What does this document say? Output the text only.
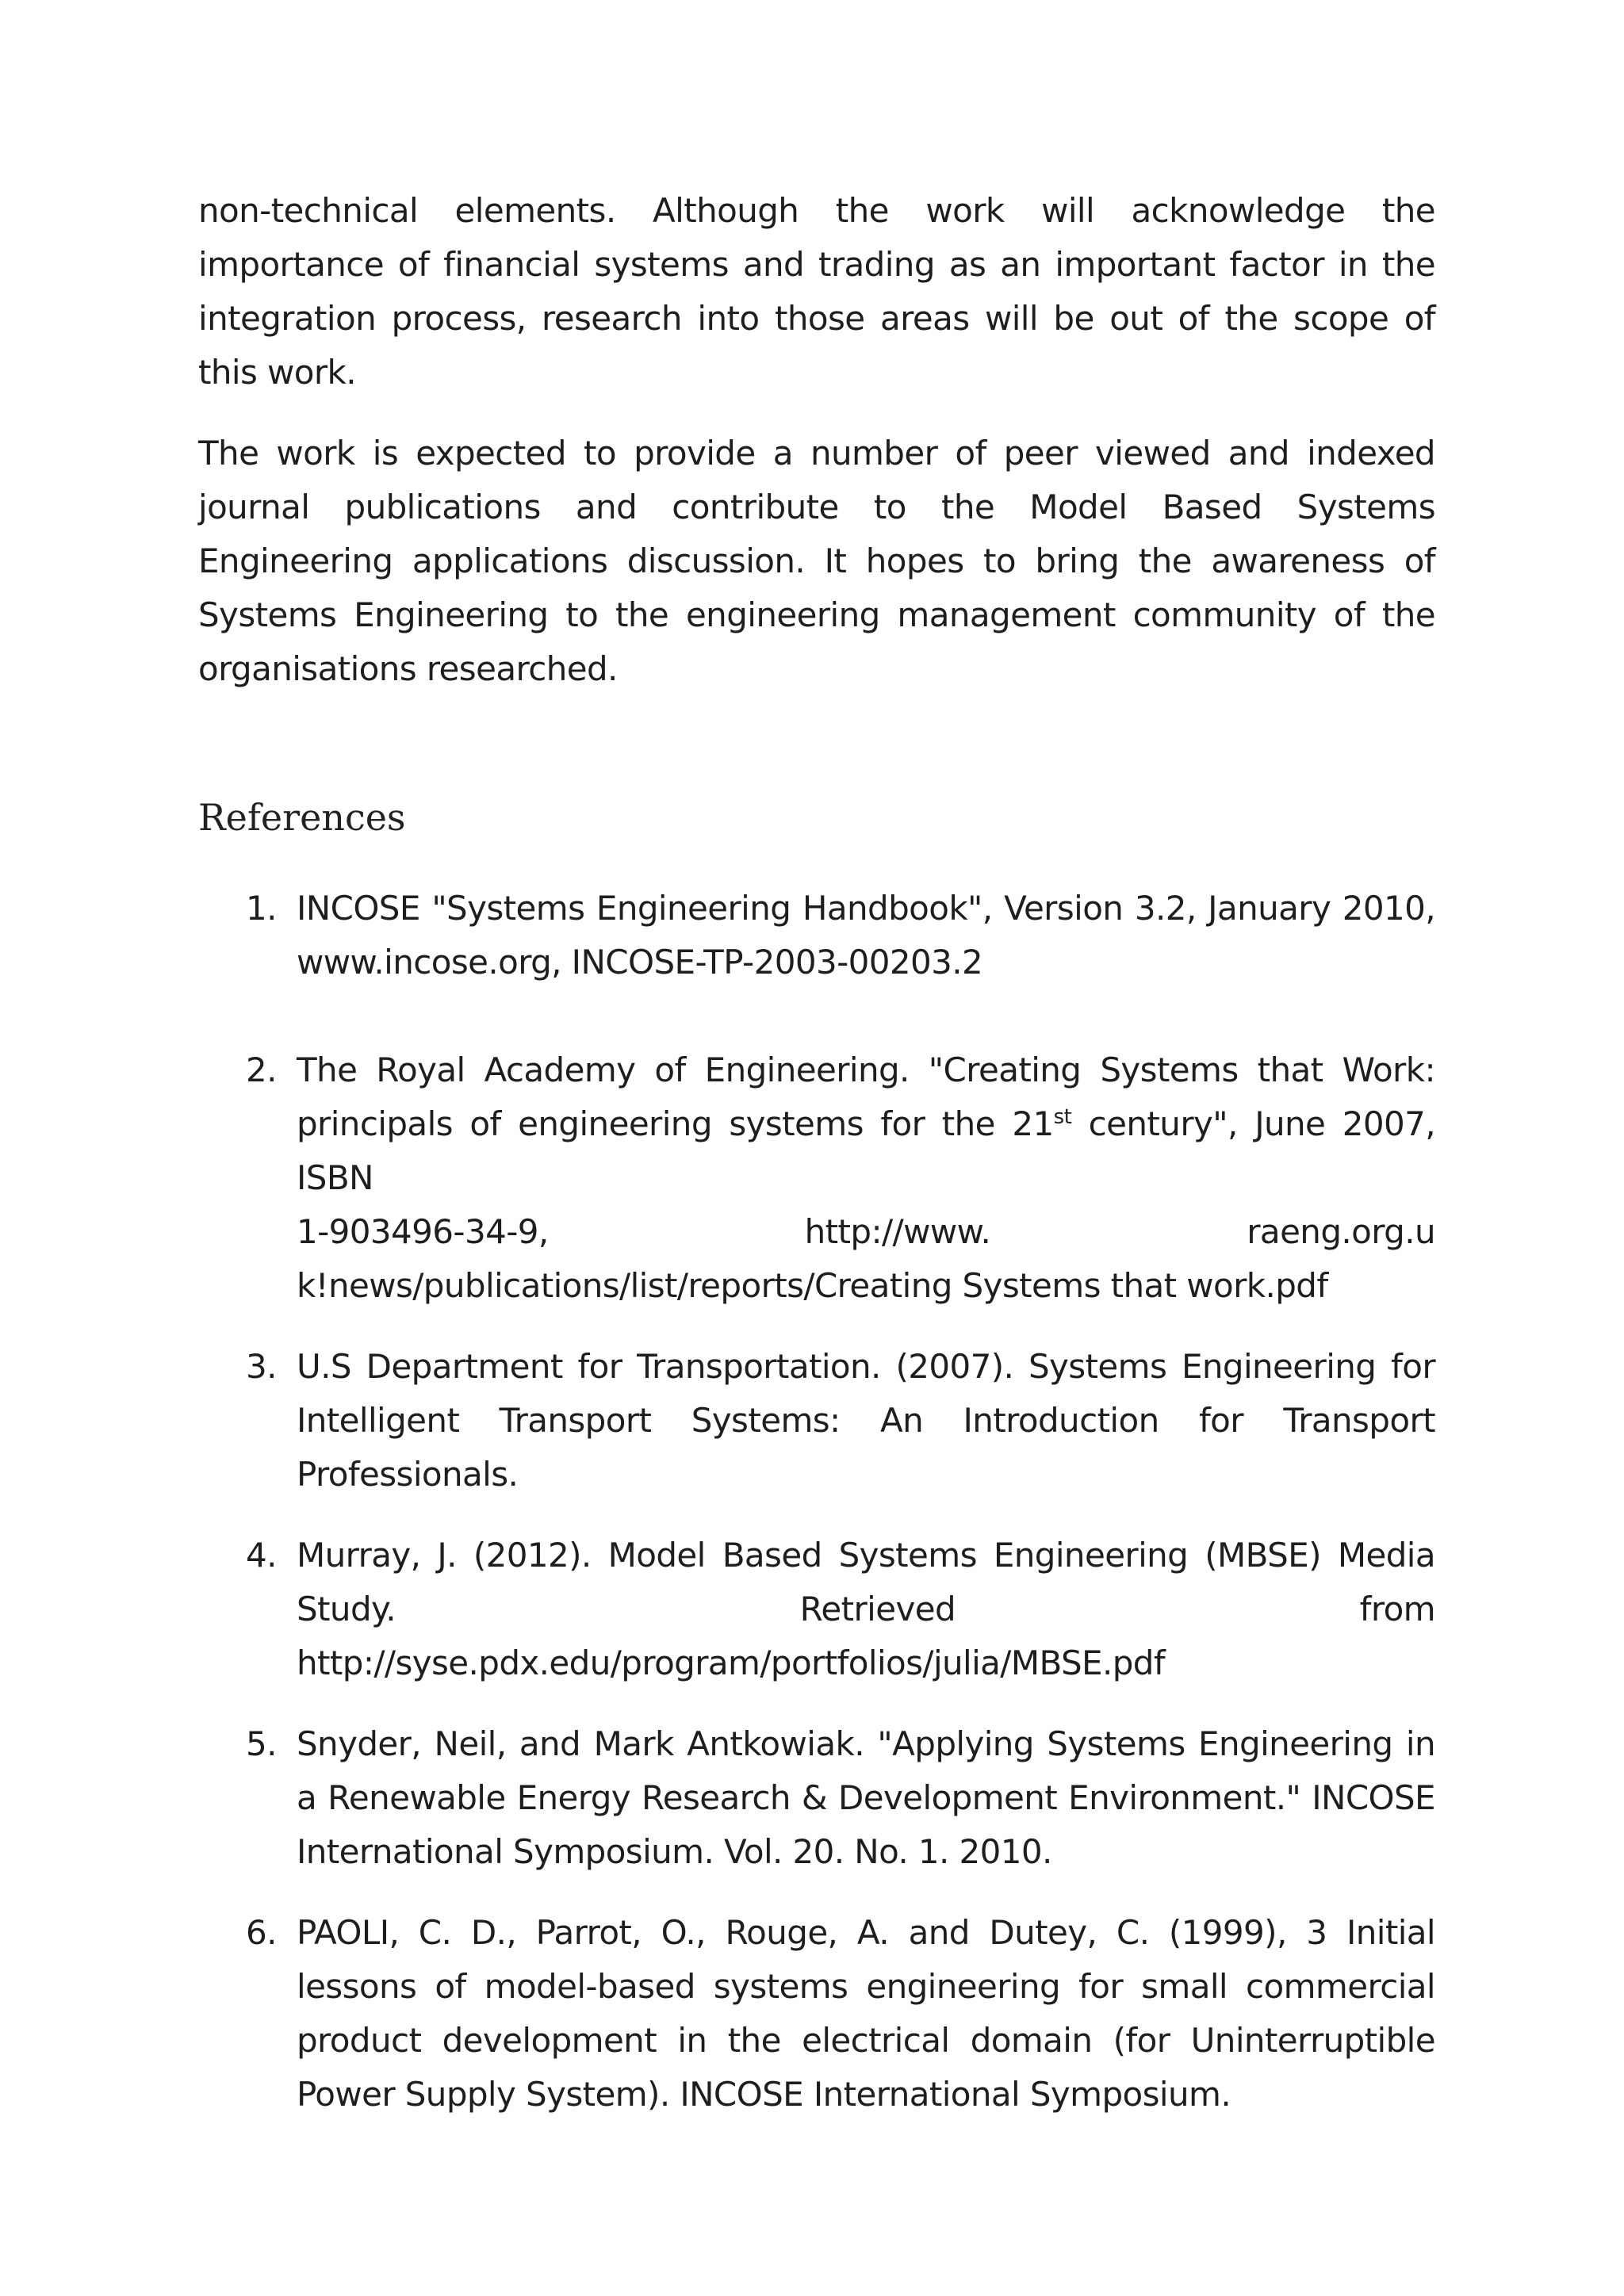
non-technical elements. Although the work will acknowledge the importance of financial systems and trading as an important factor in the integration process, research into those areas will be out of the scope of this work.

The work is expected to provide a number of peer viewed and indexed journal publications and contribute to the Model Based Systems Engineering applications discussion. It hopes to bring the awareness of Systems Engineering to the engineering management community of the organisations researched.

References
1. INCOSE "Systems Engineering Handbook", Version 3.2, January 2010, www.incose.org, INCOSE-TP-2003-00203.2
2. The Royal Academy of Engineering. "Creating Systems that Work: principals of engineering systems for the 21st century", June 2007, ISBN
1-903496-34-9, http://www. raeng.org.u
k!news/publications/list/reports/Creating Systems that work.pdf
3. U.S Department for Transportation. (2007). Systems Engineering for Intelligent Transport Systems: An Introduction for Transport Professionals.
4. Murray, J. (2012). Model Based Systems Engineering (MBSE) Media
Study. Retrieved from
http://syse.pdx.edu/program/portfolios/julia/MBSE.pdf
5. Snyder, Neil, and Mark Antkowiak. "Applying Systems Engineering in a Renewable Energy Research & Development Environment." INCOSE International Symposium. Vol. 20. No. 1. 2010.
6. PAOLI, C. D., Parrot, O., Rouge, A. and Dutey, C. (1999), 3 Initial lessons of model-based systems engineering for small commercial product development in the electrical domain (for Uninterruptible Power Supply System). INCOSE International Symposium.
